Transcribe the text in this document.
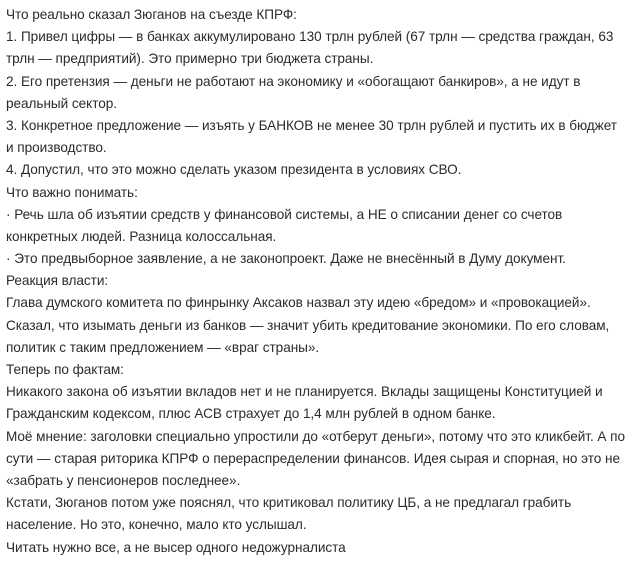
Что реально сказал Зюганов на съезде КПРФ:
1. Привел цифры — в банках аккумулировано 130 трлн рублей (67 трлн — средства граждан, 63
трлн — предприятий). Это примерно три бюджета страны.
2. Его претензия — деньги не работают на экономику и «обогащают банкиров», а не идут в
реальный сектор.
3. Конкретное предложение — изъять у БАНКОВ не менее 30 трлн рублей и пустить их в бюджет
и производство.
4. Допустил, что это можно сделать указом президента в условиях СВО.
Что важно понимать:
· Речь шла об изъятии средств у финансовой системы, а НЕ о списании денег со счетов
конкретных людей. Разница колоссальная.
· Это предвыборное заявление, а не законопроект. Даже не внесённый в Думу документ.
Реакция власти:
Глава думского комитета по финрынку Аксаков назвал эту идею «бредом» и «провокацией».
Сказал, что изымать деньги из банков — значит убить кредитование экономики. По его словам,
политик с таким предложением — «враг страны».
Теперь по фактам:
Никакого закона об изъятии вкладов нет и не планируется. Вклады защищены Конституцией и
Гражданским кодексом, плюс АСВ страхует до 1,4 млн рублей в одном банке.
Моё мнение: заголовки специально упростили до «отберут деньги», потому что это кликбейт. А по
сути — старая риторика КПРФ о перераспределении финансов. Идея сырая и спорная, но это не
«забрать у пенсионеров последнее».
Кстати, Зюганов потом уже пояснял, что критиковал политику ЦБ, а не предлагал грабить
население. Но это, конечно, мало кто услышал.
Читать нужно все, а не высер одного недожурналиста
